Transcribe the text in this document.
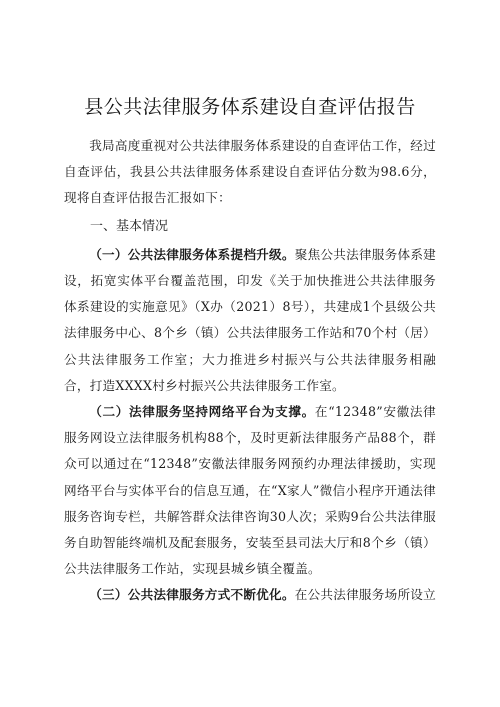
县公共法律服务体系建设自查评估报告

我局高度重视对公共法律服务体系建设的自查评估工作，经过自查评估，我县公共法律服务体系建设自查评估分数为98.6分，现将自查评估报告汇报如下：

一、基本情况

（一）公共法律服务体系提档升级。聚焦公共法律服务体系建设，拓宽实体平台覆盖范围，印发《关于加快推进公共法律服务体系建设的实施意见》（X办（2021）8号），共建成1个县级公共法律服务中心、8个乡（镇）公共法律服务工作站和70个村（居）公共法律服务工作室；大力推进乡村振兴与公共法律服务相融合，打造XXXX村乡村振兴公共法律服务工作室。

（二）法律服务坚持网络平台为支撑。在“12348”安徽法律服务网设立法律服务机构88个，及时更新法律服务产品88个，群众可以通过在“12348”安徽法律服务网预约办理法律援助，实现网络平台与实体平台的信息互通，在“X家人”微信小程序开通法律服务咨询专栏，共解答群众法律咨询30人次；采购9台公共法律服务自助智能终端机及配套服务，安装至县司法大厅和8个乡（镇）公共法律服务工作站，实现县城乡镇全覆盖。

（三）公共法律服务方式不断优化。在公共法律服务场所设立
